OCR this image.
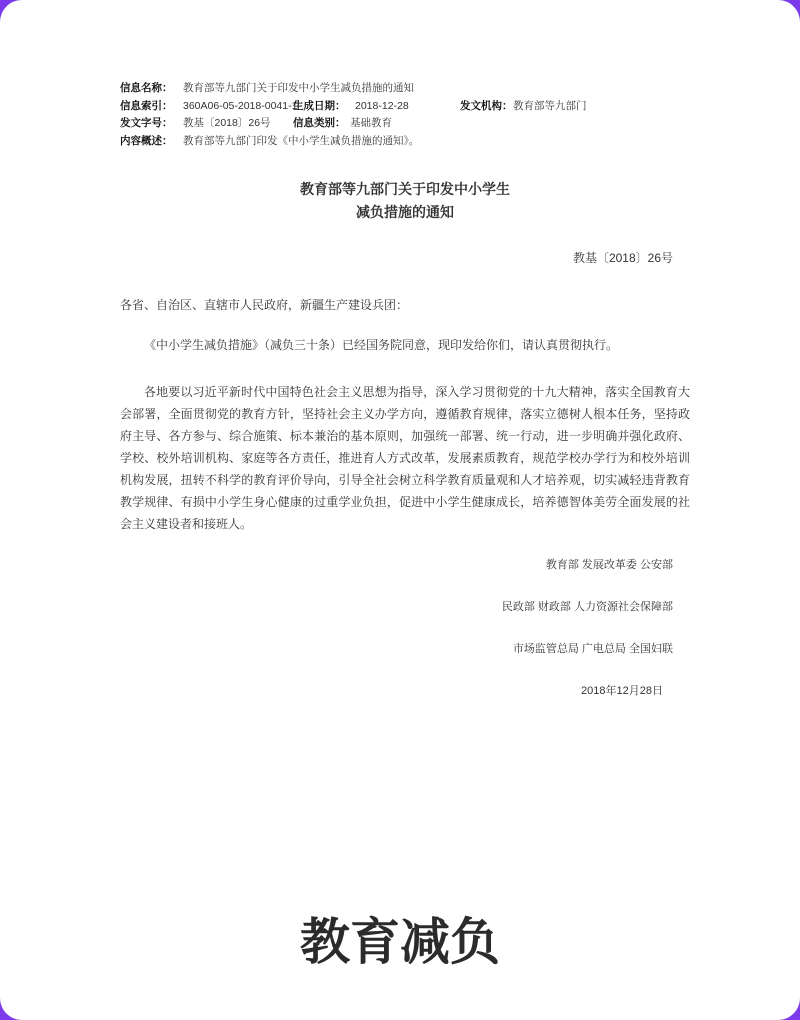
信息名称：	教育部等九部门关于印发中小学生减负措施的通知
信息索引：	360A06-05-2018-0041-1
生成日期： 2018-12-28	发文机构： 教育部等九部门
发文字号：	教基〔2018〕26号	信息类别： 基础教育
内容概述：	教育部等九部门印发《中小学生减负措施的通知》。
教育部等九部门关于印发中小学生
减负措施的通知
教基〔2018〕26号
各省、自治区、直辖市人民政府，新疆生产建设兵团：
《中小学生减负措施》（减负三十条）已经国务院同意，现印发给你们，请认真贯彻执行。
各地要以习近平新时代中国特色社会主义思想为指导，深入学习贯彻党的十九大精神，落实全国教育大会部署，全面贯彻党的教育方针，坚持社会主义办学方向，遵循教育规律，落实立德树人根本任务，坚持政府主导、各方参与、综合施策、标本兼治的基本原则，加强统一部署、统一行动，进一步明确并强化政府、学校、校外培训机构、家庭等各方责任，推进育人方式改革，发展素质教育，规范学校办学行为和校外培训机构发展，扭转不科学的教育评价导向，引导全社会树立科学教育质量观和人才培养观，切实减轻违背教育教学规律、有损中小学生身心健康的过重学业负担，促进中小学生健康成长，培养德智体美劳全面发展的社会主义建设者和接班人。
教育部 发展改革委 公安部
民政部 财政部 人力资源社会保障部
市场监管总局 广电总局 全国妇联
2018年12月28日
教育减负
